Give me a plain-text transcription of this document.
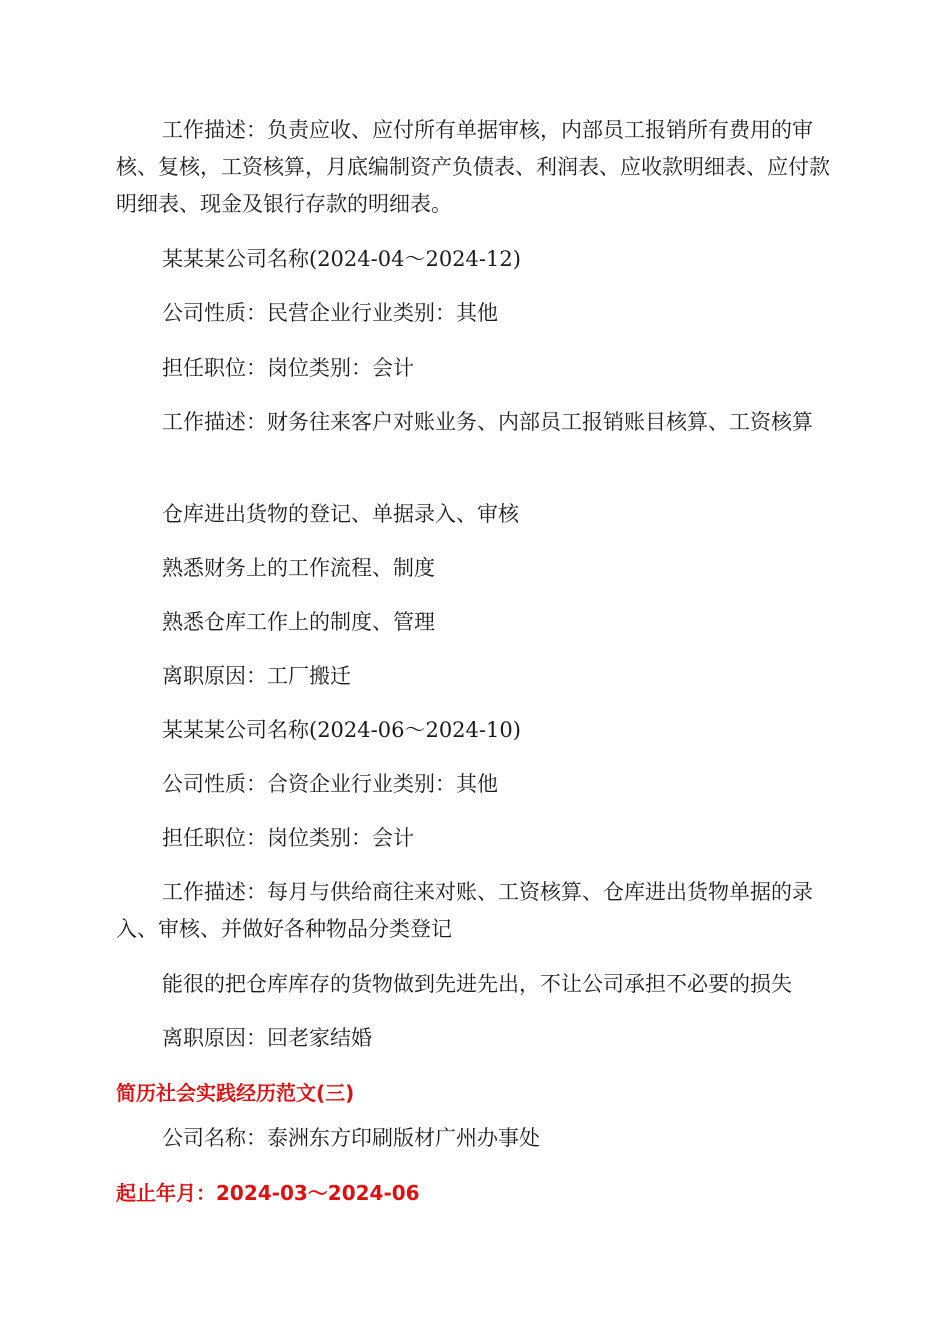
工作描述：负责应收、应付所有单据审核，内部员工报销所有费用的审核、复核，工资核算，月底编制资产负债表、利润表、应收款明细表、应付款明细表、现金及银行存款的明细表。

某某某公司名称(2024-04～2024-12)

公司性质：民营企业行业类别：其他

担任职位：岗位类别：会计

工作描述：财务往来客户对账业务、内部员工报销账目核算、工资核算

仓库进出货物的登记、单据录入、审核

熟悉财务上的工作流程、制度

熟悉仓库工作上的制度、管理

离职原因：工厂搬迁

某某某公司名称(2024-06～2024-10)

公司性质：合资企业行业类别：其他

担任职位：岗位类别：会计

工作描述：每月与供给商往来对账、工资核算、仓库进出货物单据的录入、审核、并做好各种物品分类登记

能很的把仓库库存的货物做到先进先出，不让公司承担不必要的损失

离职原因：回老家结婚

简历社会实践经历范文(三)

公司名称：泰洲东方印刷版材广州办事处

起止年月：2024-03～2024-06
